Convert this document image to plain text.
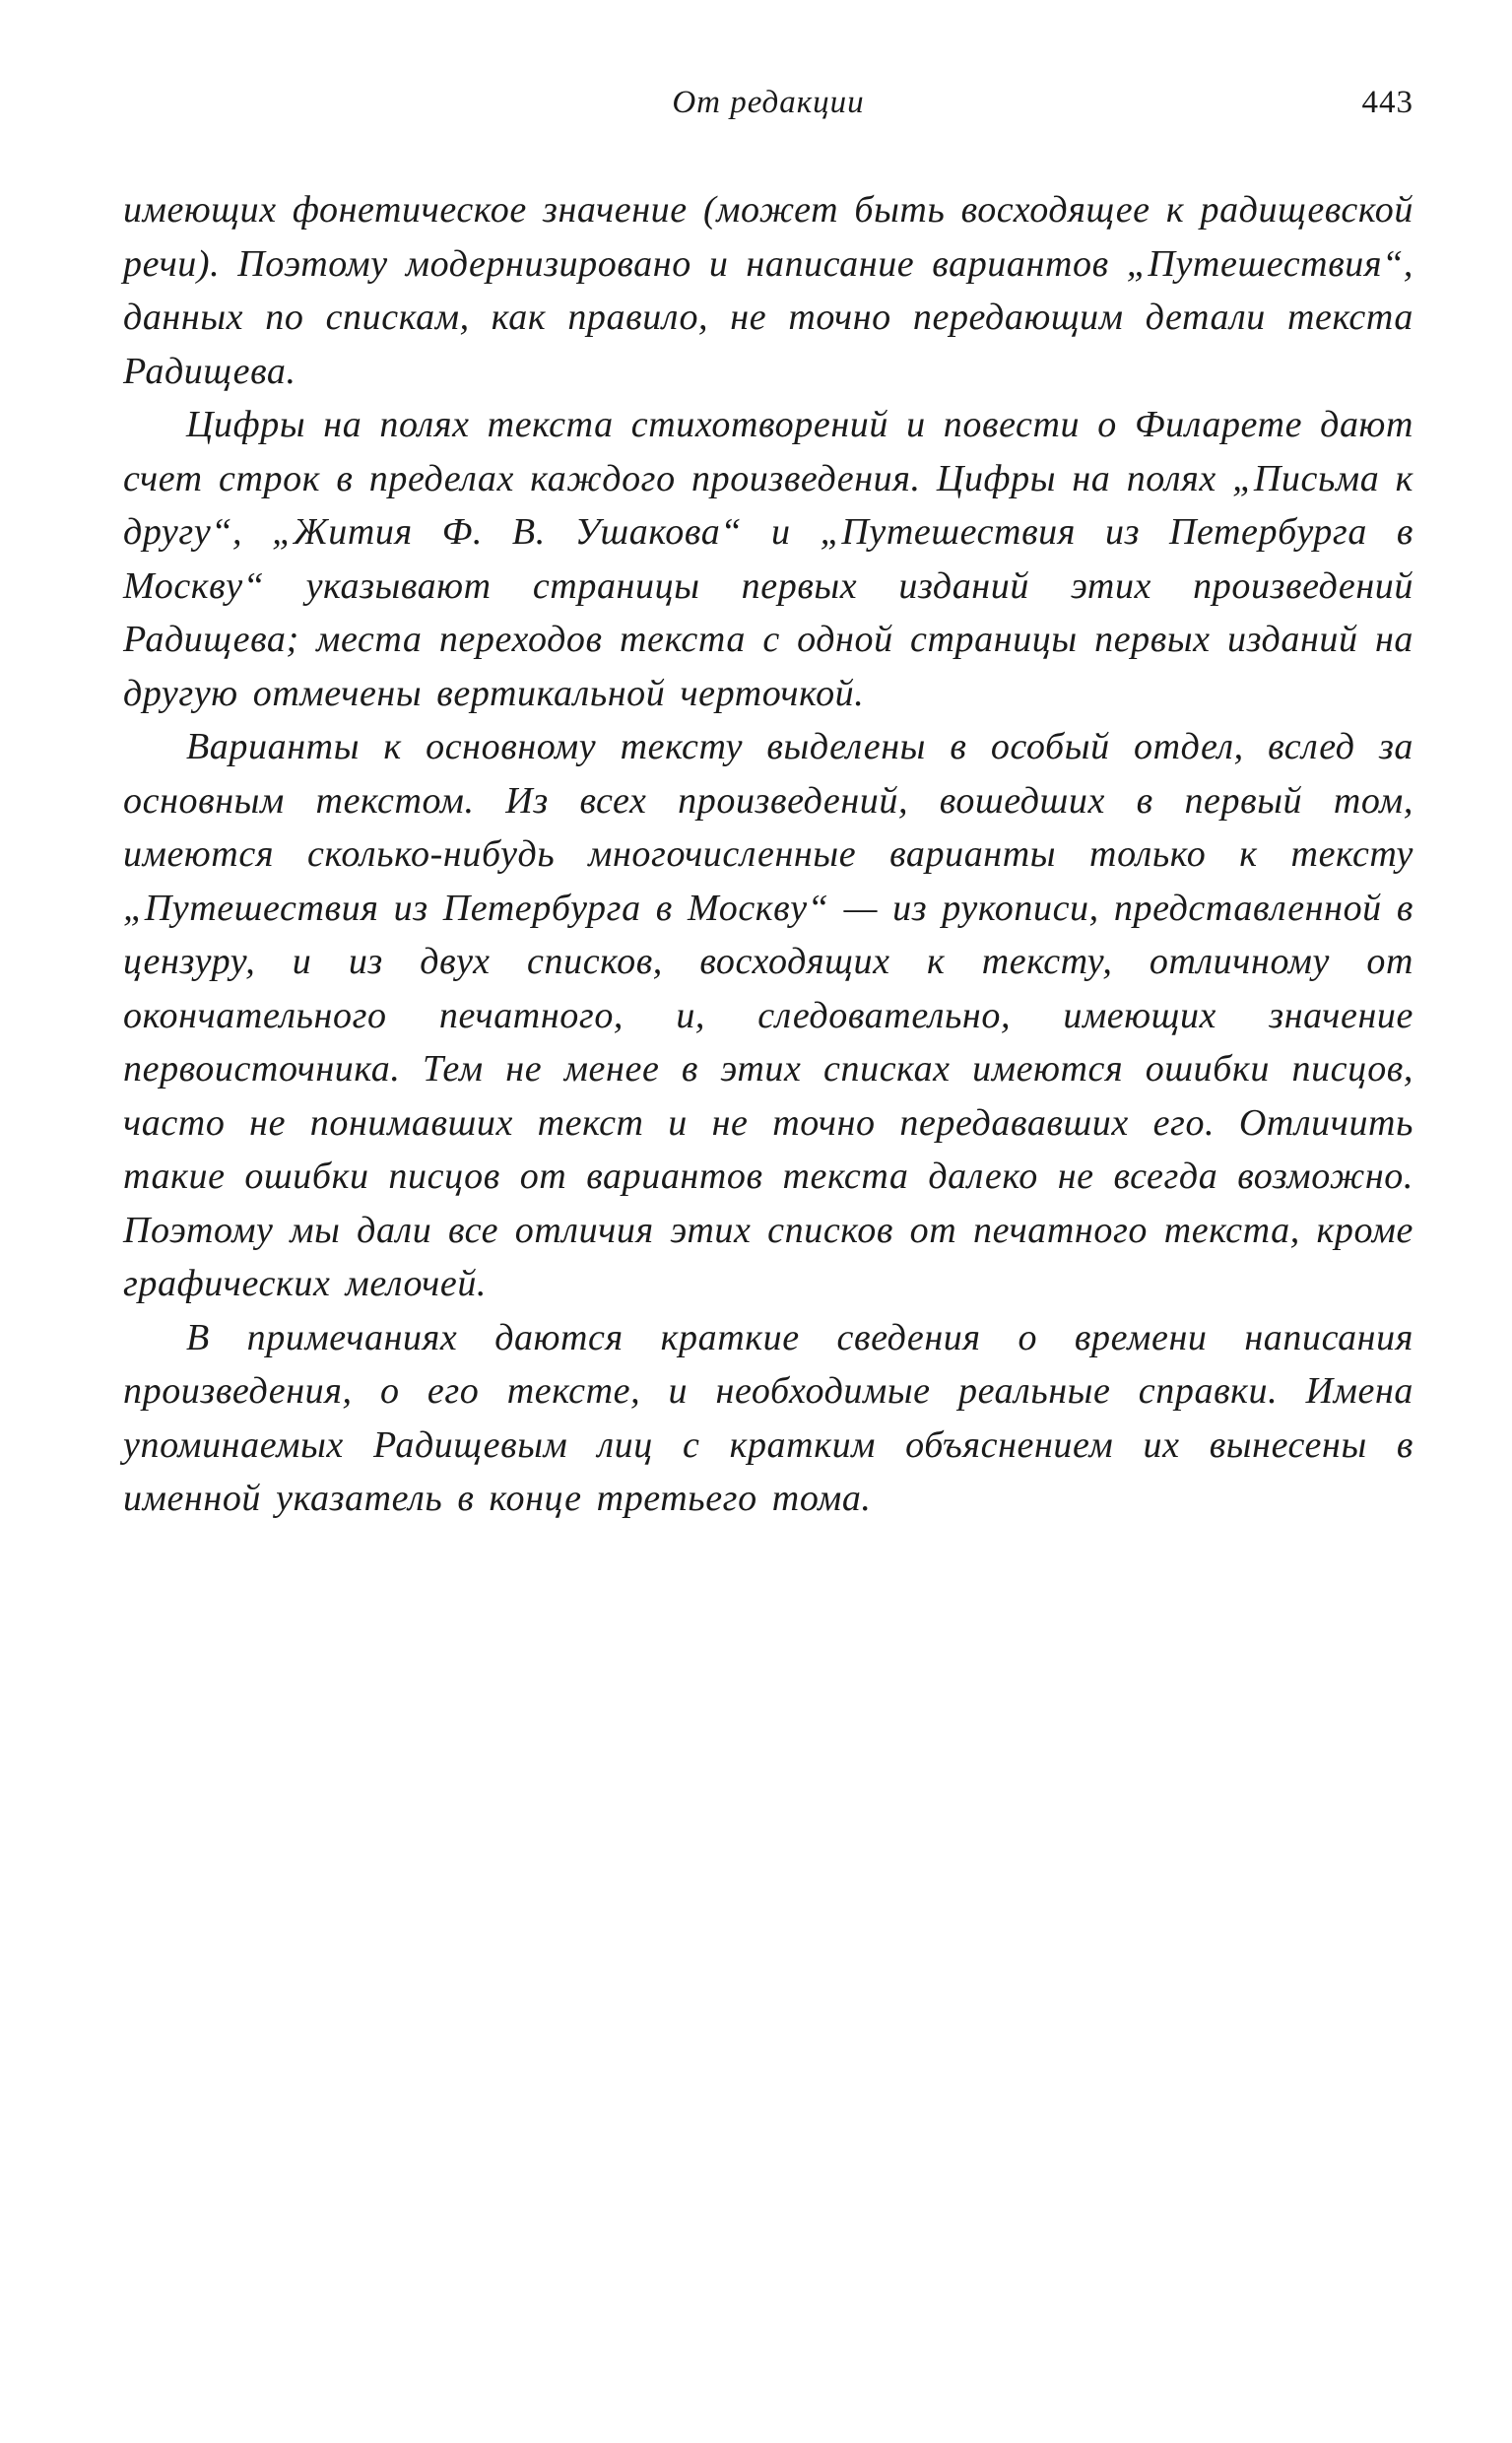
От редакции	443

имеющих фонетическое значение (может быть восходящее к радищевской речи). Поэтому модернизировано и написание вариантов „Путешествия“, данных по спискам, как правило, не точно передающим детали текста Радищева.

Цифры на полях текста стихотворений и повести о Филарете дают счет строк в пределах каждого произведения. Цифры на полях „Письма к другу“, „Жития Ф. В. Ушакова“ и „Путешествия из Петербурга в Москву“ указывают страницы первых изданий этих произведений Радищева; места переходов текста с одной страницы первых изданий на другую отмечены вертикальной черточкой.

Варианты к основному тексту выделены в особый отдел, вслед за основным текстом. Из всех произведений, вошедших в первый том, имеются сколько-нибудь многочисленные варианты только к тексту „Путешествия из Петербурга в Москву“ — из рукописи, представленной в цензуру, и из двух списков, восходящих к тексту, отличному от окончательного печатного, и, следовательно, имеющих значение первоисточника. Тем не менее в этих списках имеются ошибки писцов, часто не понимавших текст и не точно передававших его. Отличить такие ошибки писцов от вариантов текста далеко не всегда возможно. Поэтому мы дали все отличия этих списков от печатного текста, кроме графических мелочей.

В примечаниях даются краткие сведения о времени написания произведения, о его тексте, и необходимые реальные справки. Имена упоминаемых Радищевым лиц с кратким объяснением их вынесены в именной указатель в конце третьего тома.
